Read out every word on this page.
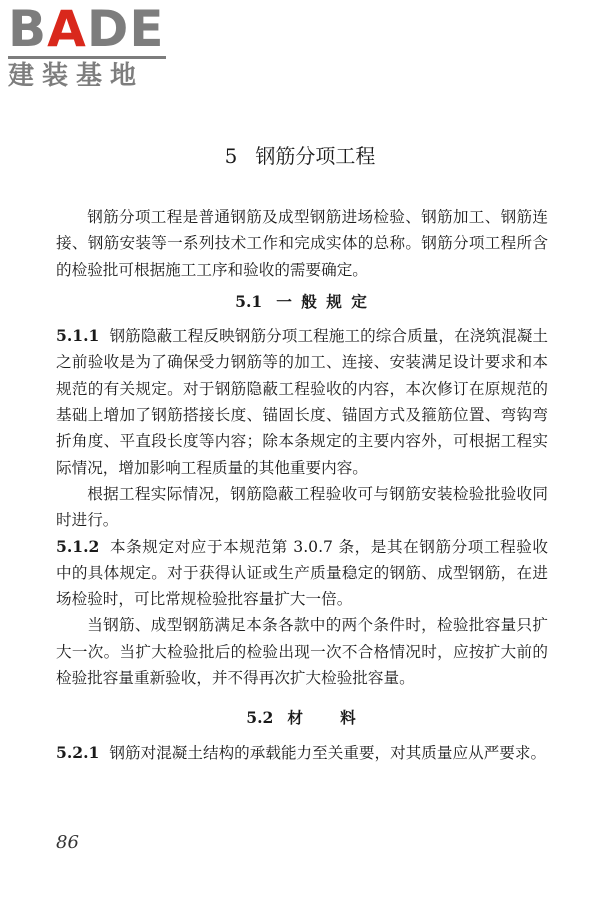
BADE
建装基地
5 钢筋分项工程

钢筋分项工程是普通钢筋及成型钢筋进场检验、钢筋加工、钢筋连接、钢筋安装等一系列技术工作和完成实体的总称。钢筋分项工程所含的检验批可根据施工工序和验收的需要确定。

5.1 一 般 规 定

5.1.1 钢筋隐蔽工程反映钢筋分项工程施工的综合质量，在浇筑混凝土之前验收是为了确保受力钢筋等的加工、连接、安装满足设计要求和本规范的有关规定。对于钢筋隐蔽工程验收的内容，本次修订在原规范的基础上增加了钢筋搭接长度、锚固长度、锚固方式及箍筋位置、弯钩弯折角度、平直段长度等内容；除本条规定的主要内容外，可根据工程实际情况，增加影响工程质量的其他重要内容。

根据工程实际情况，钢筋隐蔽工程验收可与钢筋安装检验批验收同时进行。

5.1.2 本条规定对应于本规范第 3.0.7 条，是其在钢筋分项工程验收中的具体规定。对于获得认证或生产质量稳定的钢筋、成型钢筋，在进场检验时，可比常规检验批容量扩大一倍。

当钢筋、成型钢筋满足本条各款中的两个条件时，检验批容量只扩大一次。当扩大检验批后的检验出现一次不合格情况时，应按扩大前的检验批容量重新验收，并不得再次扩大检验批容量。

5.2 材　　料

5.2.1 钢筋对混凝土结构的承载能力至关重要，对其质量应从严要求。

86
